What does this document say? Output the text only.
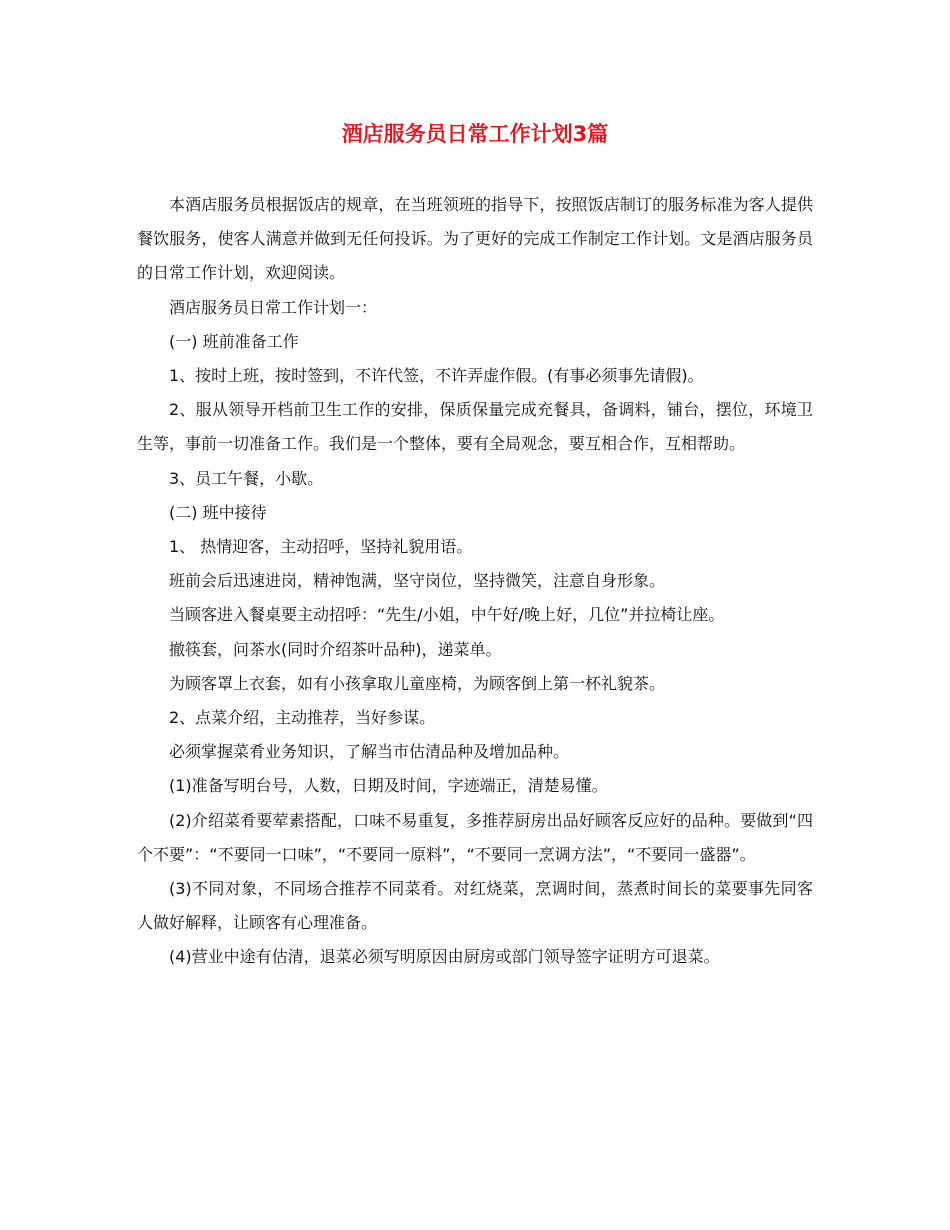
酒店服务员日常工作计划3篇

本酒店服务员根据饭店的规章，在当班领班的指导下，按照饭店制订的服务标准为客人提供餐饮服务，使客人满意并做到无任何投诉。为了更好的完成工作制定工作计划。文是酒店服务员的日常工作计划，欢迎阅读。

酒店服务员日常工作计划一：

(一) 班前准备工作

1、按时上班，按时签到，不许代签，不许弄虚作假。(有事必须事先请假)。

2、服从领导开档前卫生工作的安排，保质保量完成充餐具，备调料，铺台，摆位，环境卫生等，事前一切准备工作。我们是一个整体，要有全局观念，要互相合作，互相帮助。

3、员工午餐，小歇。

(二) 班中接待

1、 热情迎客，主动招呼，坚持礼貌用语。

班前会后迅速进岗，精神饱满，坚守岗位，坚持微笑，注意自身形象。

当顾客进入餐桌要主动招呼：“先生/小姐，中午好/晚上好，几位”并拉椅让座。

撤筷套，问茶水(同时介绍茶叶品种)，递菜单。

为顾客罩上衣套，如有小孩拿取儿童座椅，为顾客倒上第一杯礼貌茶。

2、点菜介绍，主动推荐，当好参谋。

必须掌握菜肴业务知识，了解当市估清品种及增加品种。

(1)准备写明台号，人数，日期及时间，字迹端正，清楚易懂。

(2)介绍菜肴要荤素搭配，口味不易重复，多推荐厨房出品好顾客反应好的品种。要做到“四个不要”：“不要同一口味”，“不要同一原料”，“不要同一烹调方法”，“不要同一盛器”。

(3)不同对象，不同场合推荐不同菜肴。对红烧菜，烹调时间，蒸煮时间长的菜要事先同客人做好解释，让顾客有心理准备。

(4)营业中途有估清，退菜必须写明原因由厨房或部门领导签字证明方可退菜。
